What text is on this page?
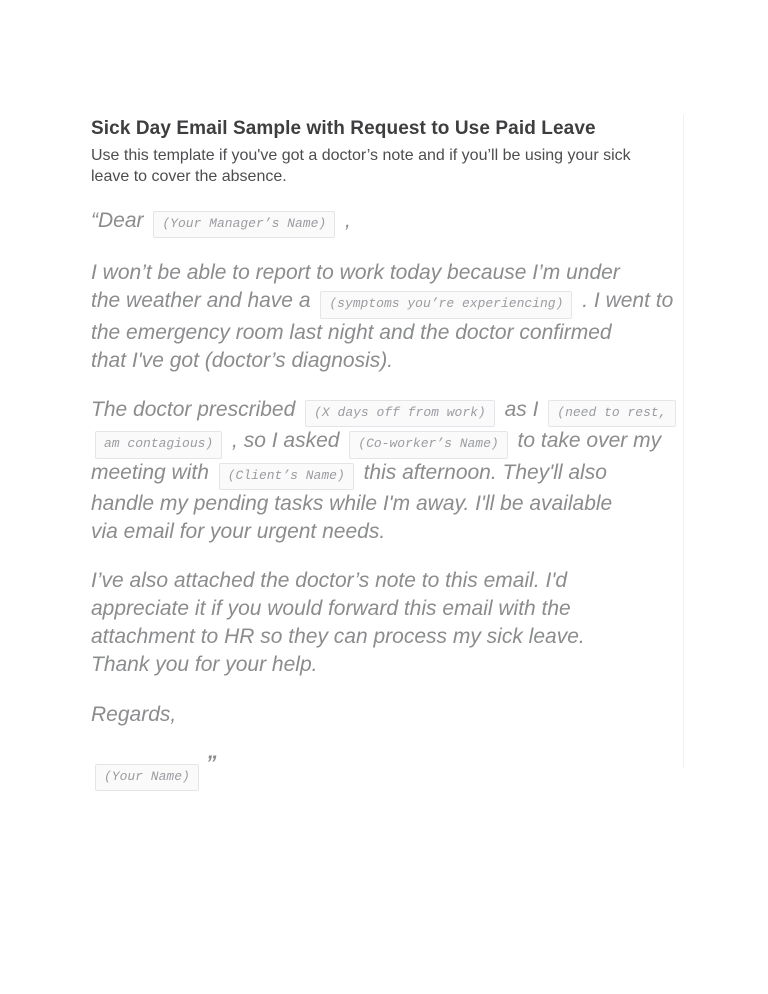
Sick Day Email Sample with Request to Use Paid Leave

Use this template if you've got a doctor’s note and if you’ll be using your sick
leave to cover the absence.

“Dear (Your Manager’s Name) ,

I won’t be able to report to work today because I’m under
the weather and have a (symptoms you’re experiencing) . I went to
the emergency room last night and the doctor confirmed
that I've got (doctor’s diagnosis).

The doctor prescribed (X days off from work) as I (need to rest,
am contagious) , so I asked (Co-worker’s Name) to take over my
meeting with (Client’s Name) this afternoon. They'll also
handle my pending tasks while I'm away. I'll be available
via email for your urgent needs.

I’ve also attached the doctor’s note to this email. I'd
appreciate it if you would forward this email with the
attachment to HR so they can process my sick leave.
Thank you for your help.

Regards,

(Your Name)”
